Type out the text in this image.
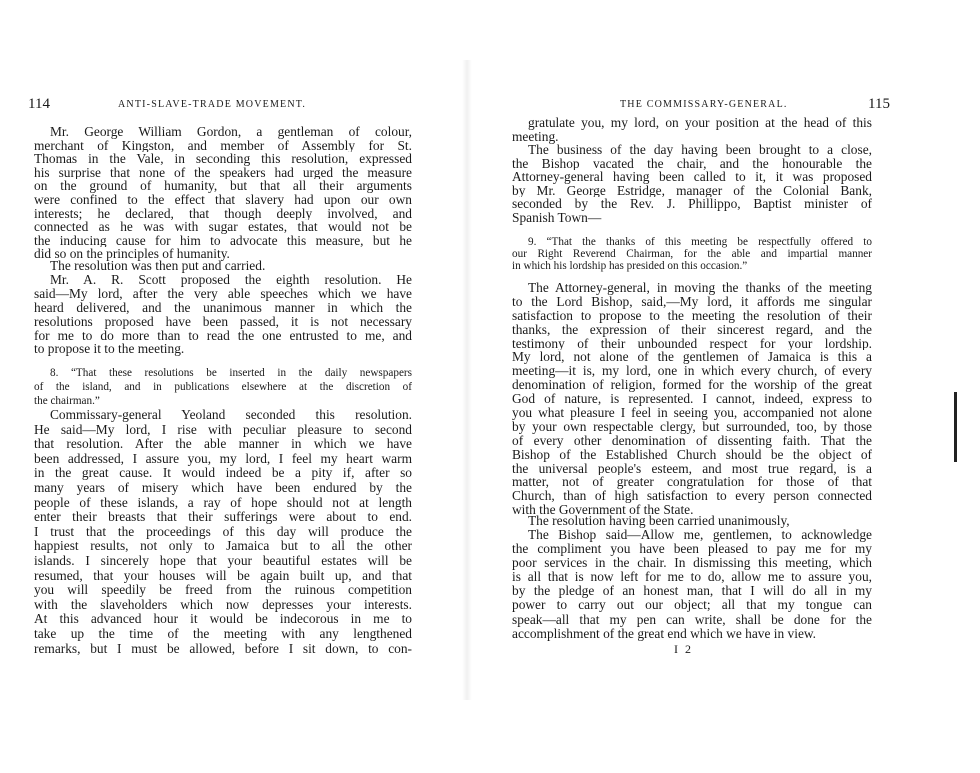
114	ANTI-SLAVE-TRADE MOVEMENT.
Mr. George William Gordon, a gentleman of colour,
merchant of Kingston, and member of Assembly for St.
Thomas in the Vale, in seconding this resolution, expressed
his surprise that none of the speakers had urged the measure
on the ground of humanity, but that all their arguments
were confined to the effect that slavery had upon our own
interests; he declared, that though deeply involved, and
connected as he was with sugar estates, that would not be
the inducing cause for him to advocate this measure, but he
did so on the principles of humanity.
The resolution was then put and carried.
Mr. A. R. Scott proposed the eighth resolution. He
said—My lord, after the very able speeches which we have
heard delivered, and the unanimous manner in which the
resolutions proposed have been passed, it is not necessary
for me to do more than to read the one entrusted to me, and
to propose it to the meeting.
8. “That these resolutions be inserted in the daily newspapers
of the island, and in publications elsewhere at the discretion of
the chairman.”
Commissary-general Yeoland seconded this resolution.
He said—My lord, I rise with peculiar pleasure to second
that resolution. After the able manner in which we have
been addressed, I assure you, my lord, I feel my heart warm
in the great cause. It would indeed be a pity if, after so
many years of misery which have been endured by the
people of these islands, a ray of hope should not at length
enter their breasts that their sufferings were about to end.
I trust that the proceedings of this day will produce the
happiest results, not only to Jamaica but to all the other
islands. I sincerely hope that your beautiful estates will be
resumed, that your houses will be again built up, and that
you will speedily be freed from the ruinous competition
with the slaveholders which now depresses your interests.
At this advanced hour it would be indecorous in me to
take up the time of the meeting with any lengthened
remarks, but I must be allowed, before I sit down, to con-
THE COMMISSARY-GENERAL.	115
I 2
gratulate you, my lord, on your position at the head of this
meeting.
The business of the day having been brought to a close,
the Bishop vacated the chair, and the honourable the
Attorney-general having been called to it, it was proposed
by Mr. George Estridge, manager of the Colonial Bank,
seconded by the Rev. J. Phillippo, Baptist minister of
Spanish Town—
9. “That the thanks of this meeting be respectfully offered to
our Right Reverend Chairman, for the able and impartial manner
in which his lordship has presided on this occasion.”
The Attorney-general, in moving the thanks of the meeting
to the Lord Bishop, said,—My lord, it affords me singular
satisfaction to propose to the meeting the resolution of their
thanks, the expression of their sincerest regard, and the
testimony of their unbounded respect for your lordship.
My lord, not alone of the gentlemen of Jamaica is this a
meeting—it is, my lord, one in which every church, of every
denomination of religion, formed for the worship of the great
God of nature, is represented. I cannot, indeed, express to
you what pleasure I feel in seeing you, accompanied not alone
by your own respectable clergy, but surrounded, too, by those
of every other denomination of dissenting faith. That the
Bishop of the Established Church should be the object of
the universal people's esteem, and most true regard, is a
matter, not of greater congratulation for those of that
Church, than of high satisfaction to every person connected
with the Government of the State.
The resolution having been carried unanimously,
The Bishop said—Allow me, gentlemen, to acknowledge
the compliment you have been pleased to pay me for my
poor services in the chair. In dismissing this meeting, which
is all that is now left for me to do, allow me to assure you,
by the pledge of an honest man, that I will do all in my
power to carry out our object; all that my tongue can
speak—all that my pen can write, shall be done for the
accomplishment of the great end which we have in view.
